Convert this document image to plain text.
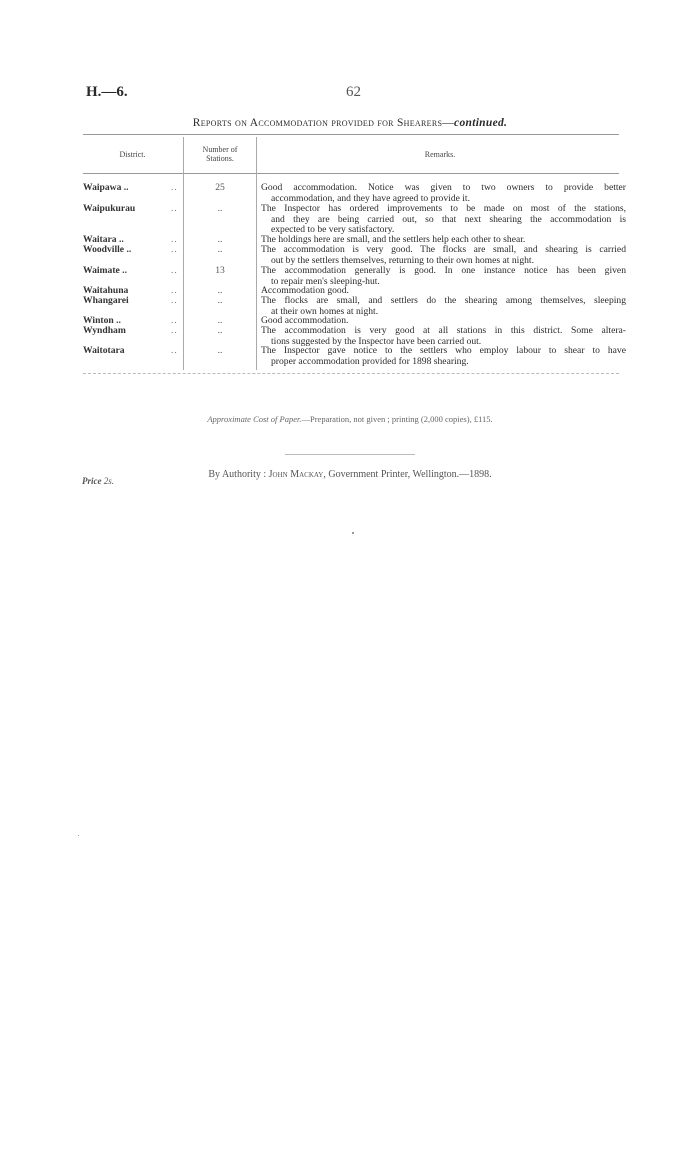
H.—6.	62
Reports on Accommodation provided for Shearers—continued.
District.
Number of
Stations.	Remarks.
Waipawa ..	..	25	Good accommodation. Notice was given to two owners to provide better
accommodation, and they have agreed to provide it.
Waipukurau	..	..	The Inspector has ordered improvements to be made on most of the stations,
and they are being carried out, so that next shearing the accommodation is
expected to be very satisfactory.
Waitara ..	..	..	The holdings here are small, and the settlers help each other to shear.
Woodville ..	..	..	The accommodation is very good. The flocks are small, and shearing is carried
out by the settlers themselves, returning to their own homes at night.
Waimate ..	..	13	The accommodation generally is good. In one instance notice has been given
to repair men's sleeping-hut.
Waitahuna	..	..	Accommodation good.
Whangarei	..	..	The flocks are small, and settlers do the shearing among themselves, sleeping
at their own homes at night.
Winton ..	..	..	Good accommodation.
Wyndham	..	..	The accommodation is very good at all stations in this district. Some altera-
tions suggested by the Inspector have been carried out.
Waitotara	..	..	The Inspector gave notice to the settlers who employ labour to shear to have
proper accommodation provided for 1898 shearing.
Approximate Cost of Paper.—Preparation, not given ; printing (2,000 copies), £115.
By Authority : John Mackay, Government Printer, Wellington.—1898.
Price 2s.
